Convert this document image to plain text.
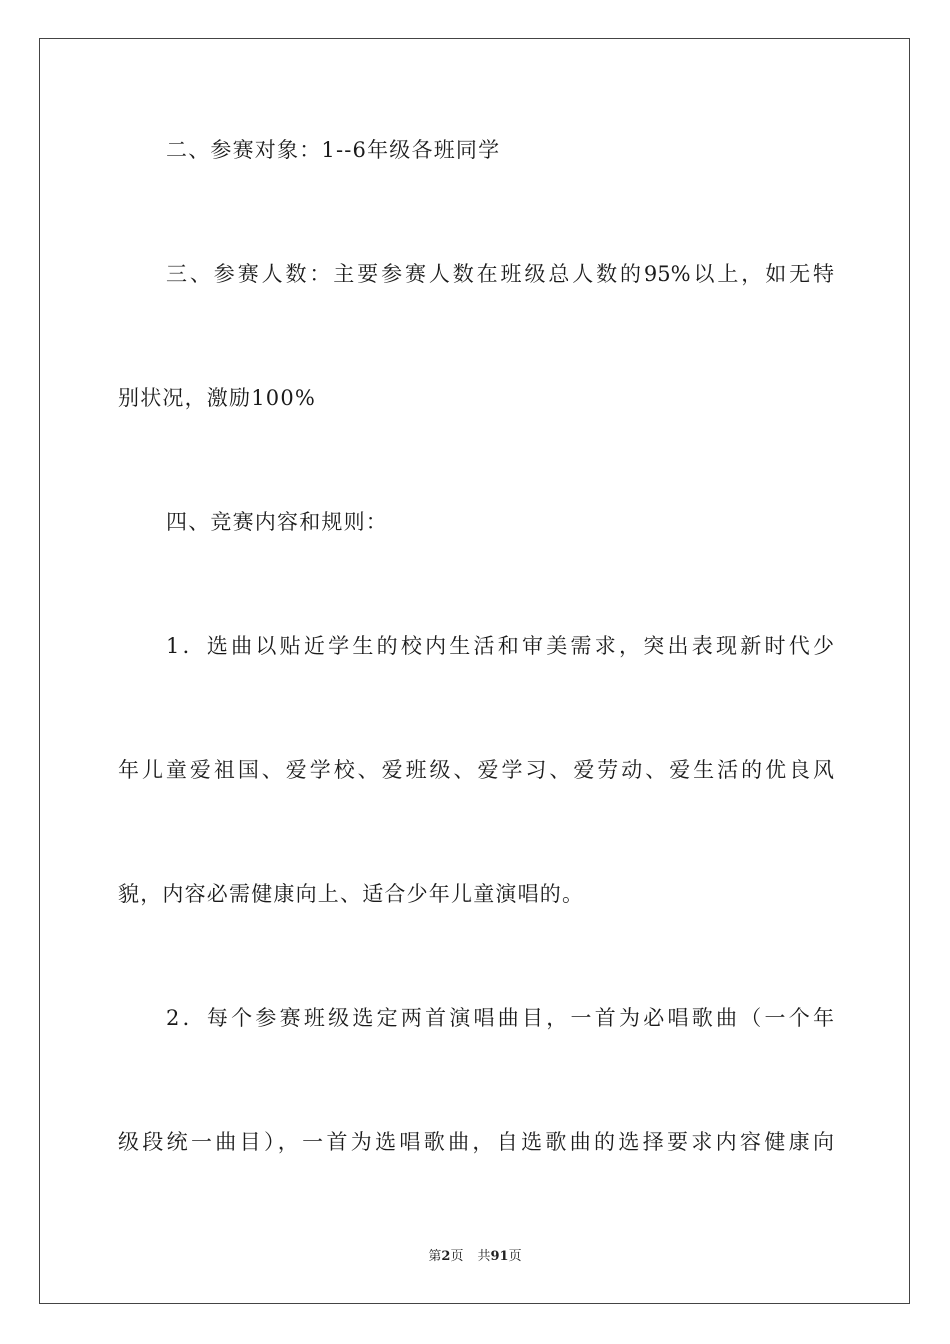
二、参赛对象：1--6年级各班同学
三、参赛人数：主要参赛人数在班级总人数的95%以上，如无特
别状况，激励100%
四、竞赛内容和规则：
1．选曲以贴近学生的校内生活和审美需求，突出表现新时代少
年儿童爱祖国、爱学校、爱班级、爱学习、爱劳动、爱生活的优良风
貌，内容必需健康向上、适合少年儿童演唱的。
2．每个参赛班级选定两首演唱曲目，一首为必唱歌曲（一个年
级段统一曲目），一首为选唱歌曲，自选歌曲的选择要求内容健康向
第2页 共91页
